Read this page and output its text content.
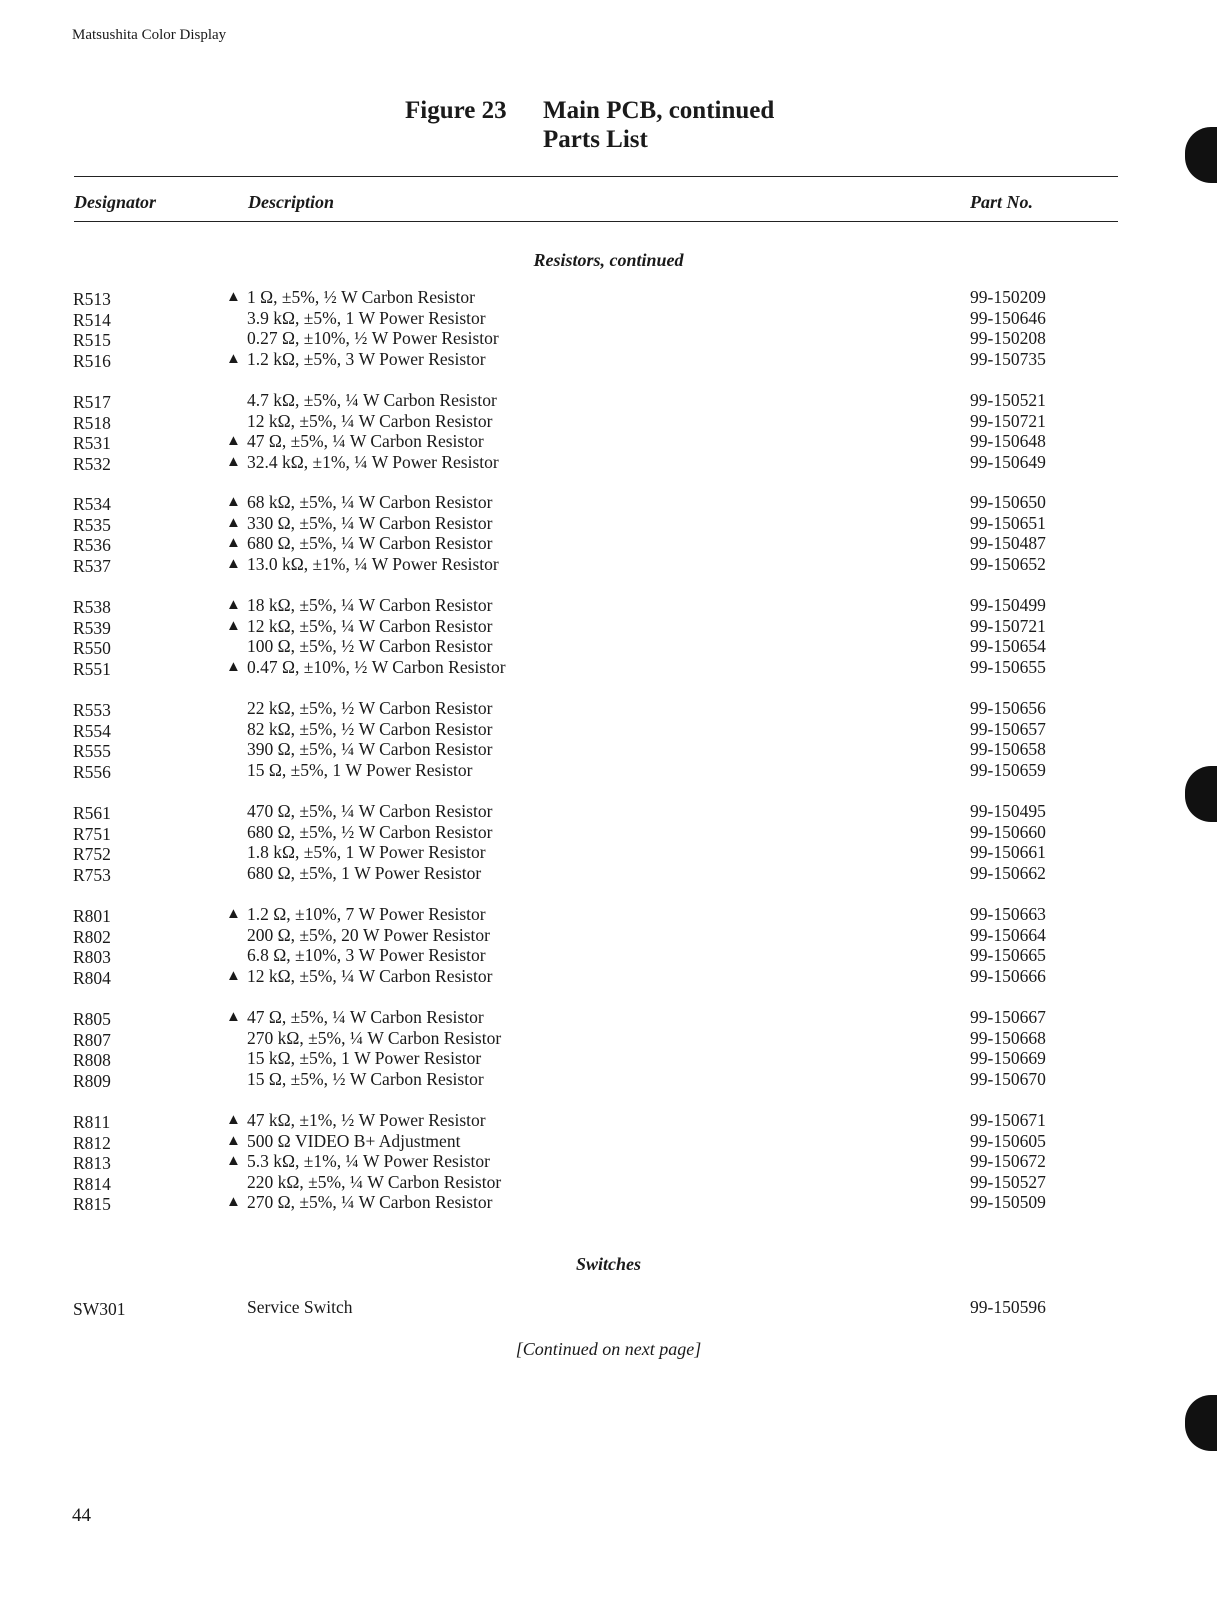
Matsushita Color Display
Figure 23 Main PCB, continued
Parts List
Designator	Description	Part No.
Resistors, continued
Switches
R513	▲ 1 Ω, ±5%, ½ W Carbon Resistor	99-150209
R514	3.9 kΩ, ±5%, 1 W Power Resistor	99-150646
R515	0.27 Ω, ±10%, ½ W Power Resistor	99-150208
R516	▲ 1.2 kΩ, ±5%, 3 W Power Resistor	99-150735
R517	4.7 kΩ, ±5%, ¼ W Carbon Resistor	99-150521
R518	12 kΩ, ±5%, ¼ W Carbon Resistor	99-150721
R531	▲ 47 Ω, ±5%, ¼ W Carbon Resistor	99-150648
R532	▲ 32.4 kΩ, ±1%, ¼ W Power Resistor	99-150649
R534	▲ 68 kΩ, ±5%, ¼ W Carbon Resistor	99-150650
R535	▲ 330 Ω, ±5%, ¼ W Carbon Resistor	99-150651
R536	▲ 680 Ω, ±5%, ¼ W Carbon Resistor	99-150487
R537	▲ 13.0 kΩ, ±1%, ¼ W Power Resistor	99-150652
R538	▲ 18 kΩ, ±5%, ¼ W Carbon Resistor	99-150499
R539	▲ 12 kΩ, ±5%, ¼ W Carbon Resistor	99-150721
R550	100 Ω, ±5%, ½ W Carbon Resistor	99-150654
R551	▲ 0.47 Ω, ±10%, ½ W Carbon Resistor	99-150655
R553	22 kΩ, ±5%, ½ W Carbon Resistor	99-150656
R554	82 kΩ, ±5%, ½ W Carbon Resistor	99-150657
R555	390 Ω, ±5%, ¼ W Carbon Resistor	99-150658
R556	15 Ω, ±5%, 1 W Power Resistor	99-150659
R561	470 Ω, ±5%, ¼ W Carbon Resistor	99-150495
R751	680 Ω, ±5%, ½ W Carbon Resistor	99-150660
R752	1.8 kΩ, ±5%, 1 W Power Resistor	99-150661
R753	680 Ω, ±5%, 1 W Power Resistor	99-150662
R801	▲ 1.2 Ω, ±10%, 7 W Power Resistor	99-150663
R802	200 Ω, ±5%, 20 W Power Resistor	99-150664
R803	6.8 Ω, ±10%, 3 W Power Resistor	99-150665
R804	▲ 12 kΩ, ±5%, ¼ W Carbon Resistor	99-150666
R805	▲ 47 Ω, ±5%, ¼ W Carbon Resistor	99-150667
R807	270 kΩ, ±5%, ¼ W Carbon Resistor	99-150668
R808	15 kΩ, ±5%, 1 W Power Resistor	99-150669
R809	15 Ω, ±5%, ½ W Carbon Resistor	99-150670
R811	▲ 47 kΩ, ±1%, ½ W Power Resistor	99-150671
R812	▲ 500 Ω VIDEO B+ Adjustment	99-150605
R813	▲ 5.3 kΩ, ±1%, ¼ W Power Resistor	99-150672
R814	220 kΩ, ±5%, ¼ W Carbon Resistor	99-150527
R815	▲ 270 Ω, ±5%, ¼ W Carbon Resistor	99-150509
SW301	Service Switch	99-150596
[Continued on next page]
44
